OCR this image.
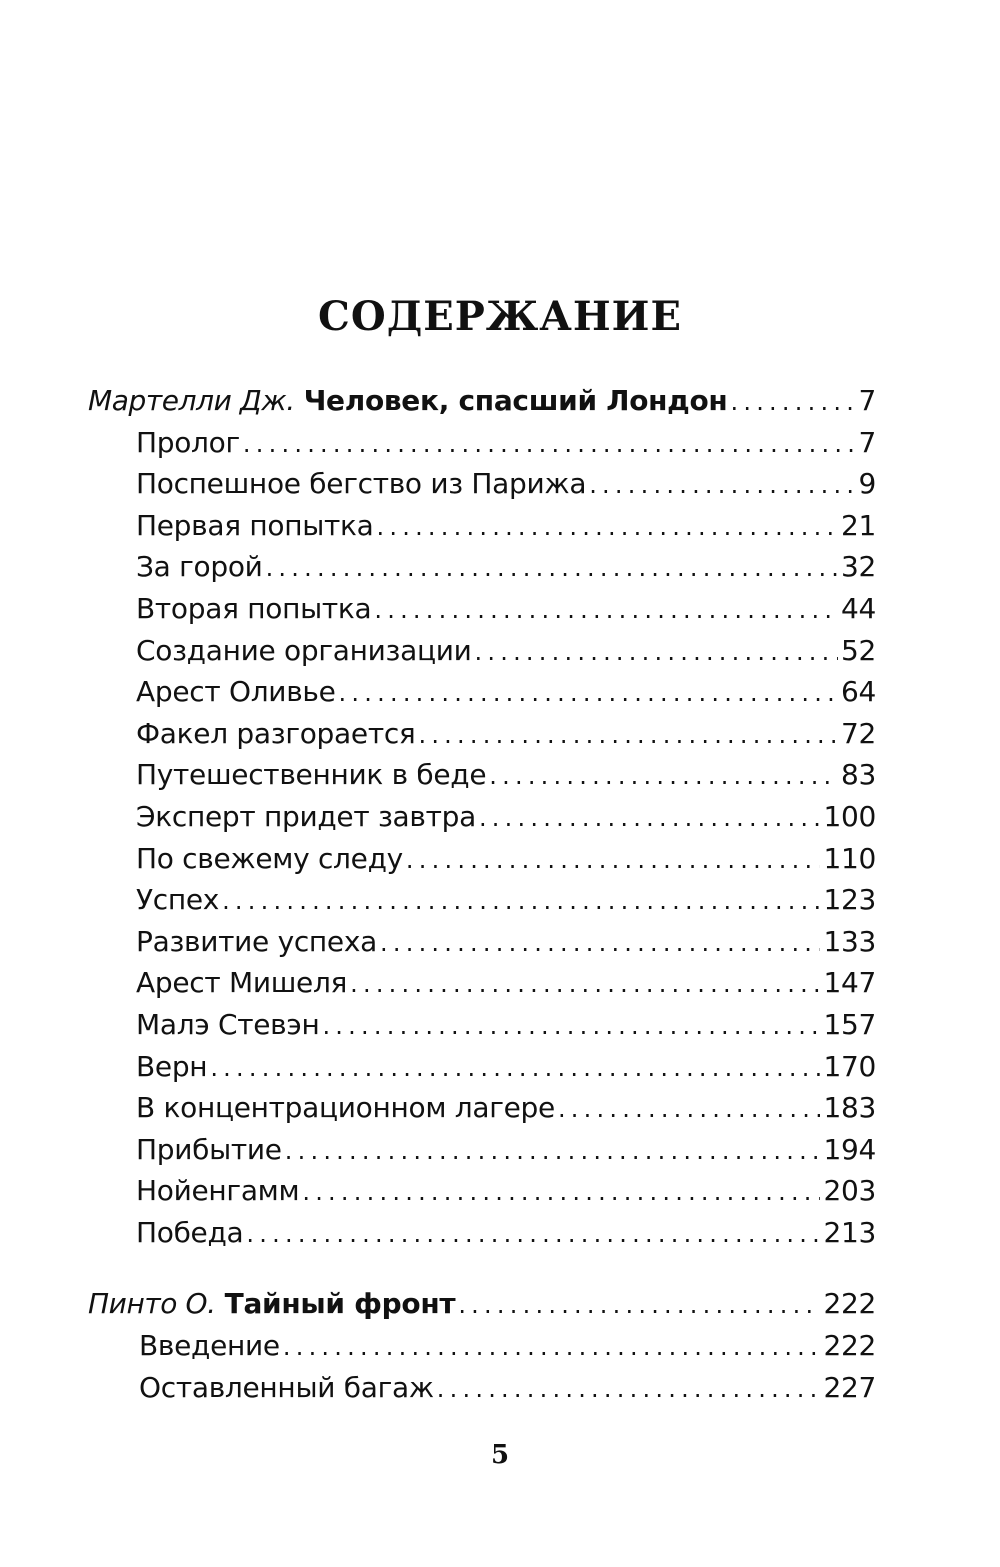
СОДЕРЖАНИЕ
Мартелли Дж. Человек, спасший Лондон . . .	7
Пролог . . .	7
Поспешное бегство из Парижа . . .	9
Первая попытка . . .	21
За горой . . .	32
Вторая попытка . . .	44
Создание организации . . .	52
Арест Оливье . . .	64
Факел разгорается . . .	72
Путешественник в беде . . .	83
Эксперт придет завтра . . .	100
По свежему следу . . .	110
Успех . . .	123
Развитие успеха . . .	133
Арест Мишеля . . .	147
Малэ Стевэн . . .	157
Верн . . .	170
В концентрационном лагере . . .	183
Прибытие . . .	194
Нойенгамм . . .	203
Победа . . .	213
Пинто О. Тайный фронт . . .	222
Введение . . .	222
Оставленный багаж . . .	227
5
